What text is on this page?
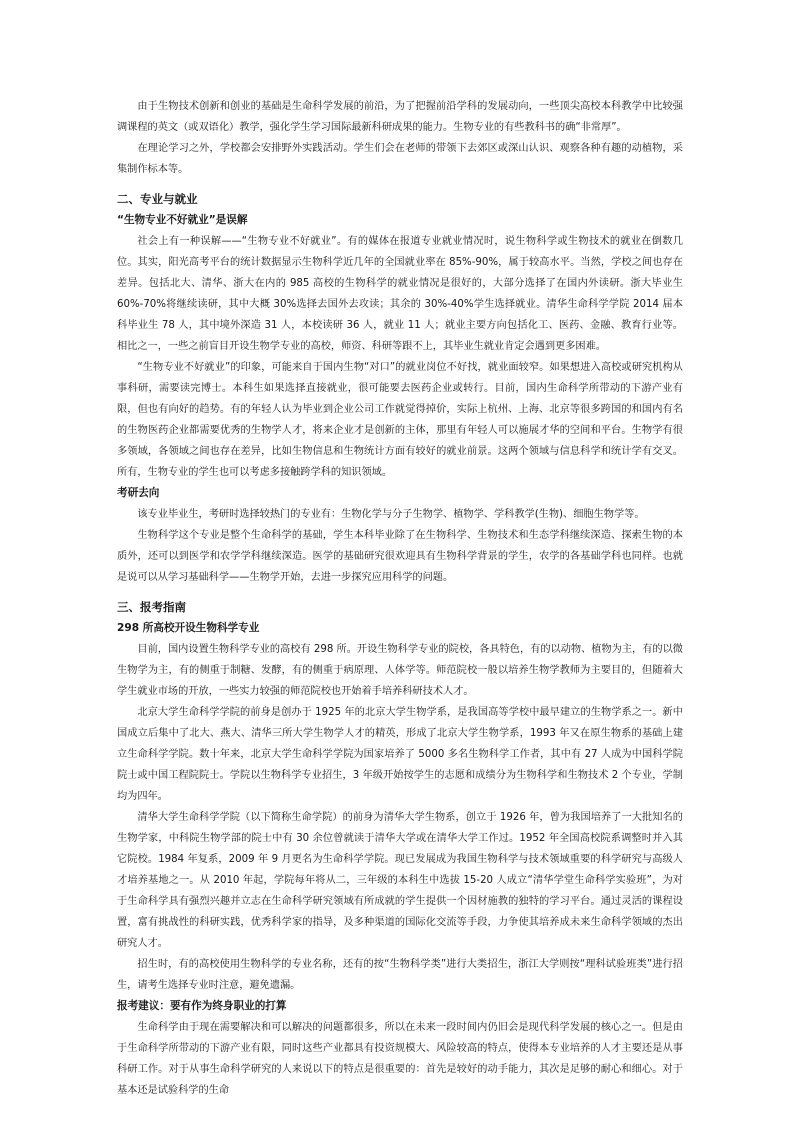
由于生物技术创新和创业的基础是生命科学发展的前沿，为了把握前沿学科的发展动向，一些顶尖高校本科教学中比较强调课程的英文（或双语化）教学，强化学生学习国际最新科研成果的能力。生物专业的有些教科书的确“非常厚”。

在理论学习之外，学校都会安排野外实践活动。学生们会在老师的带领下去郊区或深山认识、观察各种有趣的动植物，采集制作标本等。

二、专业与就业
“生物专业不好就业”是误解

社会上有一种误解——“生物专业不好就业”。有的媒体在报道专业就业情况时，说生物科学或生物技术的就业在倒数几位。其实，阳光高考平台的统计数据显示生物科学近几年的全国就业率在 85%-90%，属于较高水平。当然，学校之间也存在差异。包括北大、清华、浙大在内的 985 高校的生物科学的就业情况是很好的，大部分选择了在国内外读研。浙大毕业生 60%-70%将继续读研，其中大概 30%选择去国外去攻读；其余的 30%-40%学生选择就业。清华生命科学学院 2014 届本科毕业生 78 人，其中境外深造 31 人，本校读研 36 人，就业 11 人；就业主要方向包括化工、医药、金融、教育行业等。相比之一，一些之前盲目开设生物学专业的高校，师资、科研等跟不上，其毕业生就业肯定会遇到更多困难。

“生物专业不好就业”的印象，可能来自于国内生物“对口”的就业岗位不好找，就业面较窄。如果想进入高校或研究机构从事科研，需要读完博士。本科生如果选择直接就业，很可能要去医药企业或转行。目前，国内生命科学所带动的下游产业有限，但也有向好的趋势。有的年轻人认为毕业到企业公司工作就觉得掉价，实际上杭州、上海、北京等很多跨国的和国内有名的生物医药企业都需要优秀的生物学人才，将来企业才是创新的主体，那里有年轻人可以施展才华的空间和平台。生物学有很多领域，各领域之间也存在差异，比如生物信息和生物统计方面有较好的就业前景。这两个领域与信息科学和统计学有交叉。所有，生物专业的学生也可以考虑多接触跨学科的知识领域。

考研去向

该专业毕业生，考研时选择较热门的专业有：生物化学与分子生物学、植物学、学科教学(生物)、细胞生物学等。

生物科学这个专业是整个生命科学的基础，学生本科毕业除了在生物科学、生物技术和生态学科继续深造、探索生物的本质外，还可以到医学和农学学科继续深造。医学的基础研究很欢迎具有生物科学背景的学生，农学的各基础学科也同样。也就是说可以从学习基础科学——生物学开始，去进一步探究应用科学的问题。

三、报考指南
298 所高校开设生物科学专业

目前，国内设置生物科学专业的高校有 298 所。开设生物科学专业的院校，各具特色，有的以动物、植物为主，有的以微生物学为主，有的侧重于制糖、发酵，有的侧重于病原理、人体学等。师范院校一般以培养生物学教师为主要目的，但随着大学生就业市场的开放，一些实力较强的师范院校也开始着手培养科研技术人才。

北京大学生命科学学院的前身是创办于 1925 年的北京大学生物学系，是我国高等学校中最早建立的生物学系之一。新中国成立后集中了北大、燕大、清华三所大学生物学人才的精英，形成了北京大学生物学系，1993 年又在原生物系的基础上建立生命科学学院。数十年来，北京大学生命科学学院为国家培养了 5000 多名生物科学工作者，其中有 27 人成为中国科学院院士或中国工程院院士。学院以生物科学专业招生，3 年级开始按学生的志愿和成绩分为生物科学和生物技术 2 个专业，学制均为四年。

清华大学生命科学学院（以下简称生命学院）的前身为清华大学生物系，创立于 1926 年，曾为我国培养了一大批知名的生物学家，中科院生物学部的院士中有 30 余位曾就读于清华大学或在清华大学工作过。1952 年全国高校院系调整时并入其它院校。1984 年复系，2009 年 9 月更名为生命科学学院。现已发展成为我国生物科学与技术领域重要的科学研究与高级人才培养基地之一。从 2010 年起，学院每年将从二，三年级的本科生中选拔 15-20 人成立“清华学堂生命科学实验班”，为对于生命科学具有强烈兴趣并立志在生命科学研究领域有所成就的学生提供一个因材施教的独特的学习平台。通过灵活的课程设置，富有挑战性的科研实践，优秀科学家的指导，及多种渠道的国际化交流等手段，力争使其培养成未来生命科学领域的杰出研究人才。

招生时，有的高校使用生物科学的专业名称，还有的按“生物科学类”进行大类招生，浙江大学则按“理科试验班类”进行招生，请考生选择专业时注意，避免遗漏。

报考建议：要有作为终身职业的打算

生命科学由于现在需要解决和可以解决的问题都很多，所以在未来一段时间内仍旧会是现代科学发展的核心之一。但是由于生命科学所带动的下游产业有限，同时这些产业都具有投资规模大、风险较高的特点，使得本专业培养的人才主要还是从事科研工作。对于从事生命科学研究的人来说以下的特点是很重要的：首先是较好的动手能力，其次是足够的耐心和细心。对于基本还是试验科学的生命
